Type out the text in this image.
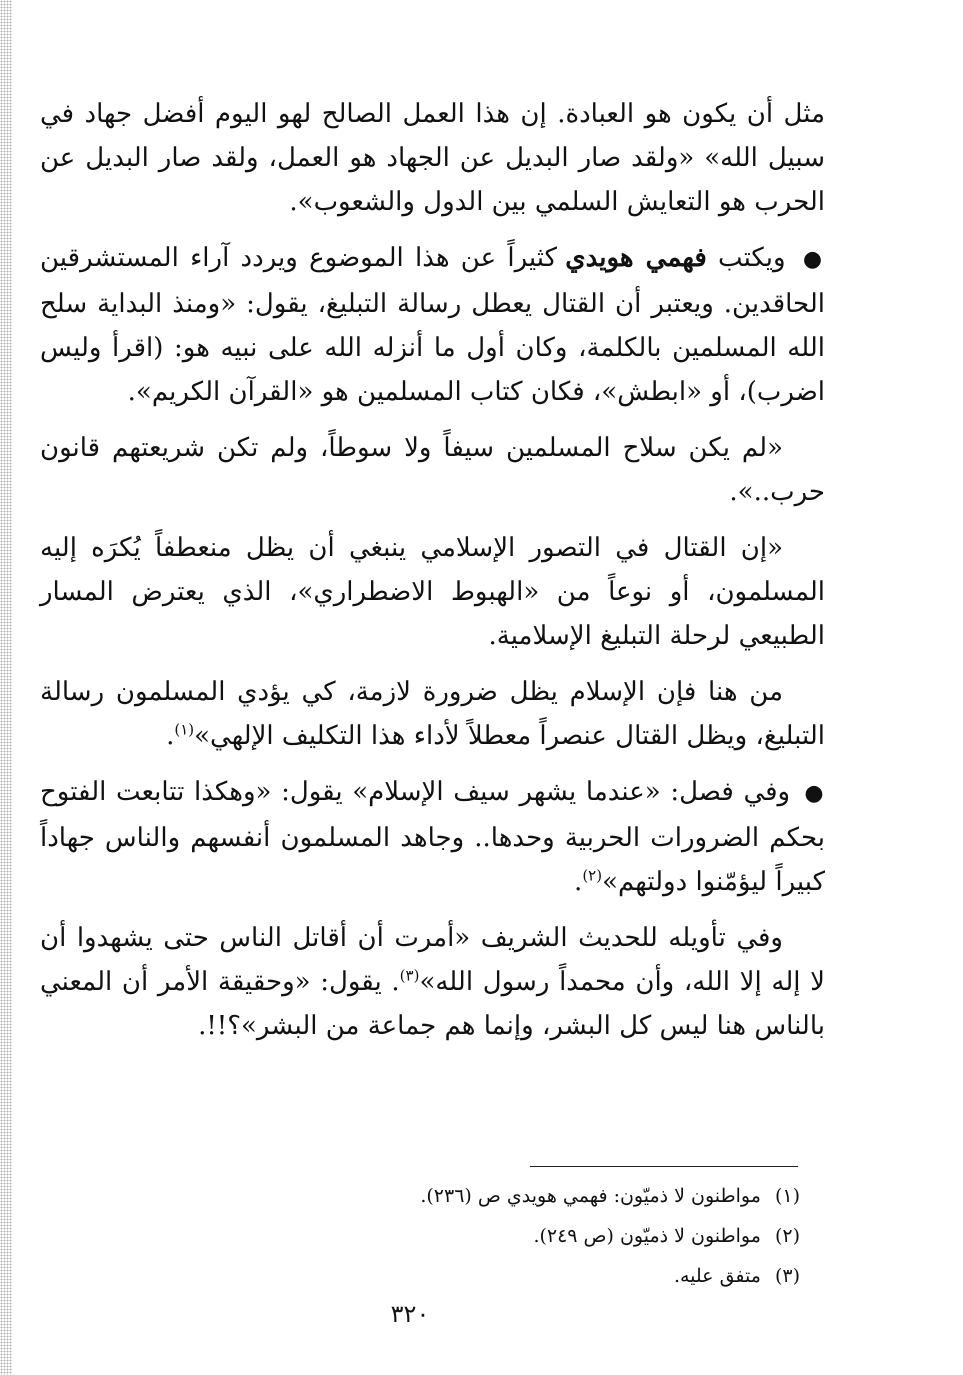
مثل أن يكون هو العبادة. إن هذا العمل الصالح لهو اليوم أفضل جهاد في سبيل الله» «ولقد صار البديل عن الجهاد هو العمل، ولقد صار البديل عن الحرب هو التعايش السلمي بين الدول والشعوب».

● ويكتب فهمي هويدي كثيراً عن هذا الموضوع ويردد آراء المستشرقين الحاقدين. ويعتبر أن القتال يعطل رسالة التبليغ، يقول: «ومنذ البداية سلح الله المسلمين بالكلمة، وكان أول ما أنزله الله على نبيه هو: (اقرأ وليس اضرب)، أو «ابطش»، فكان كتاب المسلمين هو «القرآن الكريم».

«لم يكن سلاح المسلمين سيفاً ولا سوطاً، ولم تكن شريعتهم قانون حرب..».

«إن القتال في التصور الإسلامي ينبغي أن يظل منعطفاً يُكرَه إليه المسلمون، أو نوعاً من «الهبوط الاضطراري»، الذي يعترض المسار الطبيعي لرحلة التبليغ الإسلامية.

من هنا فإن الإسلام يظل ضرورة لازمة، كي يؤدي المسلمون رسالة التبليغ، ويظل القتال عنصراً معطلاً لأداء هذا التكليف الإلهي»$^{(١)}$.

● وفي فصل: «عندما يشهر سيف الإسلام» يقول: «وهكذا تتابعت الفتوح بحكم الضرورات الحربية وحدها.. وجاهد المسلمون أنفسهم والناس جهاداً كبيراً ليؤمّنوا دولتهم»$^{(٢)}$.

وفي تأويله للحديث الشريف «أمرت أن أقاتل الناس حتى يشهدوا أن لا إله إلا الله، وأن محمداً رسول الله»$^{(٣)}$. يقول: «وحقيقة الأمر أن المعني بالناس هنا ليس كل البشر، وإنما هم جماعة من البشر»؟!!.

(١)مواطنون لا ذميّون: فهمي هويدي ص (٢٣٦).
(٢)مواطنون لا ذميّون (ص ٢٤٩).
(٣)متفق عليه.
٣٢٠
